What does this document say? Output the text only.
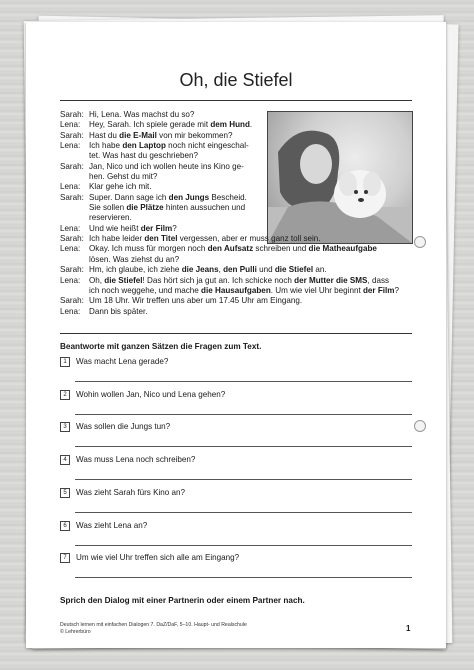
Oh, die Stiefel
Sarah: Hi, Lena. Was machst du so?
Lena:	Hey, Sarah. Ich spiele gerade mit dem Hund.
Sarah: Hast du die E-Mail von mir bekommen?
Lena:	Ich habe den Laptop noch nicht eingeschal-
tet. Was hast du geschrieben?
Sarah: Jan, Nico und ich wollen heute ins Kino ge-
hen. Gehst du mit?
Lena:	Klar gehe ich mit.
Sarah: Super. Dann sage ich den Jungs Bescheid.
Sie sollen die Plätze hinten aussuchen und
reservieren.
Lena:	Und wie heißt der Film?
Sarah: Ich habe leider den Titel vergessen, aber er muss ganz toll sein.
Lena:	Okay. Ich muss für morgen noch den Aufsatz schreiben und die Matheaufgabe
lösen. Was ziehst du an?
Sarah: Hm, ich glaube, ich ziehe die Jeans, den Pulli und die Stiefel an.
Lena:	Oh, die Stiefel! Das hört sich ja gut an. Ich schicke noch der Mutter die SMS, dass
ich noch weggehe, und mache die Hausaufgaben. Um wie viel Uhr beginnt der Film?
Sarah: Um 18 Uhr. Wir treffen uns aber um 17.45 Uhr am Eingang.
Lena:	Dann bis später.
Beantworte mit ganzen Sätzen die Fragen zum Text.
1 Was macht Lena gerade?
2 Wohin wollen Jan, Nico und Lena gehen?
3 Was sollen die Jungs tun?
4 Was muss Lena noch schreiben?
5 Was zieht Sarah fürs Kino an?
6 Was zieht Lena an?
7 Um wie viel Uhr treffen sich alle am Eingang?
Sprich den Dialog mit einer Partnerin oder einem Partner nach.
Deutsch lernen mit einfachen Dialogen 7. DaZ/DaF, 5–10. Haupt- und Realschule
© Lehrerbüro	1
